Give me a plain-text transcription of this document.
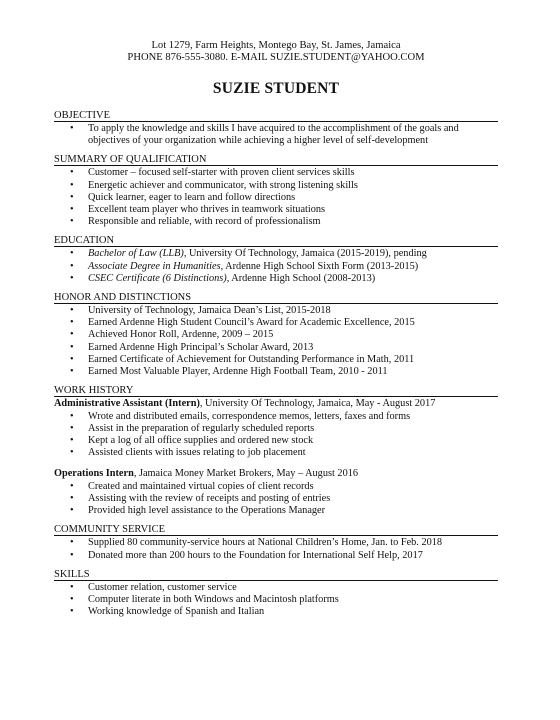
Lot 1279, Farm Heights, Montego Bay, St. James, Jamaica
PHONE 876-555-3080. E-MAIL SUZIE.STUDENT@YAHOO.COM
SUZIE STUDENT
OBJECTIVE
• To apply the knowledge and skills I have acquired to the accomplishment of the goals and objectives of your organization while achieving a higher level of self-development
SUMMARY OF QUALIFICATION
• Customer – focused self-starter with proven client services skills
• Energetic achiever and communicator, with strong listening skills
• Quick learner, eager to learn and follow directions
• Excellent team player who thrives in teamwork situations
• Responsible and reliable, with record of professionalism
EDUCATION
• Bachelor of Law (LLB), University Of Technology, Jamaica (2015-2019), pending
• Associate Degree in Humanities, Ardenne High School Sixth Form (2013-2015)
• CSEC Certificate (6 Distinctions), Ardenne High School (2008-2013)
HONOR AND DISTINCTIONS
• University of Technology, Jamaica Dean’s List, 2015-2018
• Earned Ardenne High Student Council’s Award for Academic Excellence, 2015
• Achieved Honor Roll, Ardenne, 2009 – 2015
• Earned Ardenne High Principal’s Scholar Award, 2013
• Earned Certificate of Achievement for Outstanding Performance in Math, 2011
• Earned Most Valuable Player, Ardenne High Football Team, 2010 - 2011
WORK HISTORY
Administrative Assistant (Intern), University Of Technology, Jamaica, May - August 2017
• Wrote and distributed emails, correspondence memos, letters, faxes and forms
• Assist in the preparation of regularly scheduled reports
• Kept a log of all office supplies and ordered new stock
• Assisted clients with issues relating to job placement
Operations Intern, Jamaica Money Market Brokers, May – August 2016
• Created and maintained virtual copies of client records
• Assisting with the review of receipts and posting of entries
• Provided high level assistance to the Operations Manager
COMMUNITY SERVICE
• Supplied 80 community-service hours at National Children’s Home, Jan. to Feb. 2018
• Donated more than 200 hours to the Foundation for International Self Help, 2017
SKILLS
• Customer relation, customer service
• Computer literate in both Windows and Macintosh platforms
• Working knowledge of Spanish and Italian
